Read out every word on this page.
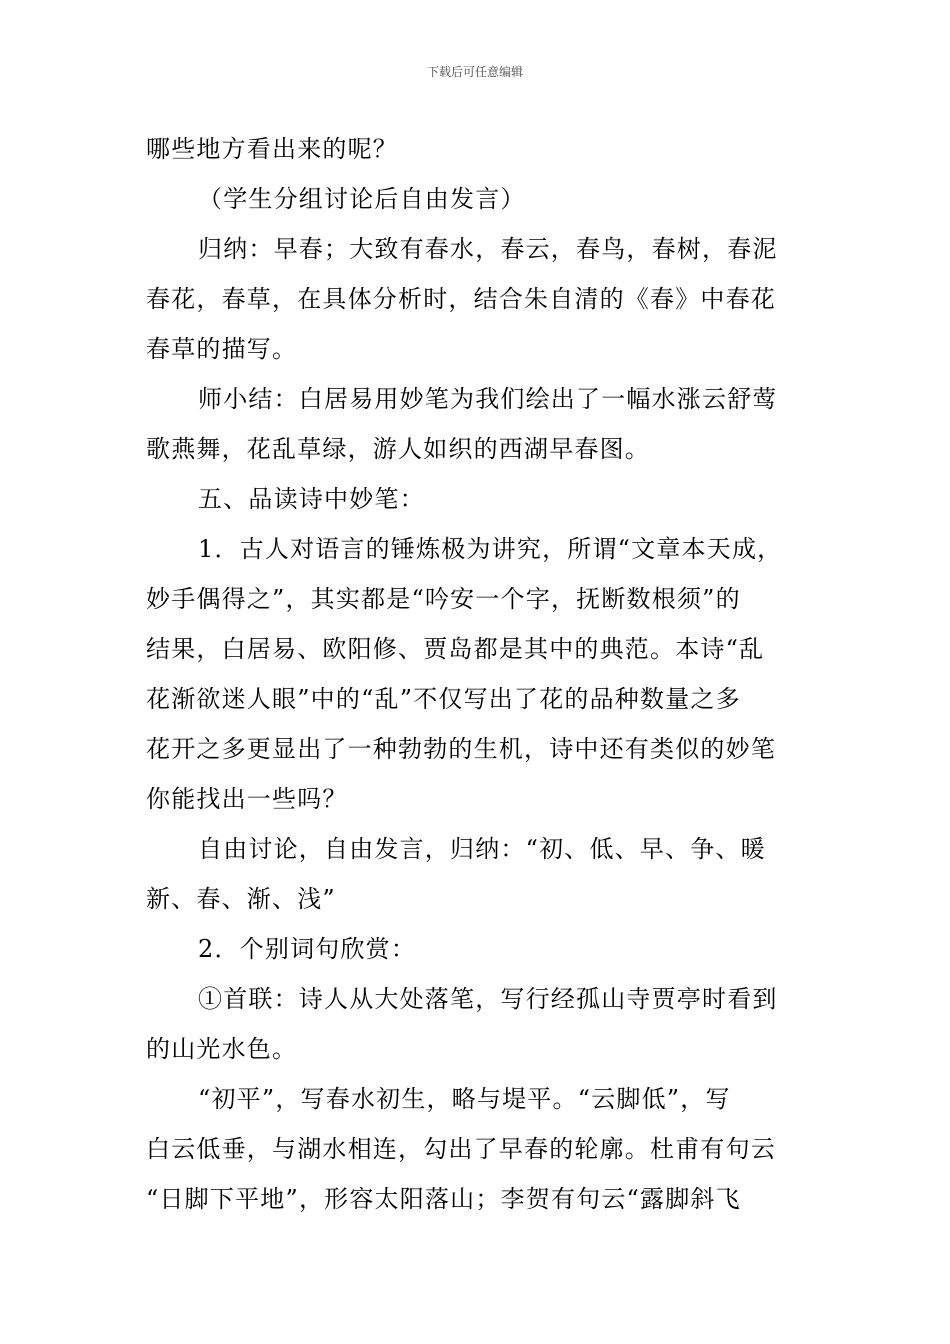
下载后可任意编辑
哪些地方看出来的呢？
（学生分组讨论后自由发言）
归纳：早春；大致有春水，春云，春鸟，春树，春泥
春花，春草，在具体分析时，结合朱自清的《春》中春花
春草的描写。
师小结：白居易用妙笔为我们绘出了一幅水涨云舒莺
歌燕舞，花乱草绿，游人如织的西湖早春图。
五、品读诗中妙笔：
1．古人对语言的锤炼极为讲究，所谓“文章本天成，
妙手偶得之”，其实都是“吟安一个字，抚断数根须”的
结果，白居易、欧阳修、贾岛都是其中的典范。本诗“乱
花渐欲迷人眼”中的“乱”不仅写出了花的品种数量之多
花开之多更显出了一种勃勃的生机，诗中还有类似的妙笔
你能找出一些吗？
自由讨论，自由发言，归纳：“初、低、早、争、暖
新、春、渐、浅”
2．个别词句欣赏：
①首联：诗人从大处落笔，写行经孤山寺贾亭时看到
的山光水色。
“初平”，写春水初生，略与堤平。“云脚低”，写
白云低垂，与湖水相连，勾出了早春的轮廓。杜甫有句云
“日脚下平地”，形容太阳落山；李贺有句云“露脚斜飞
